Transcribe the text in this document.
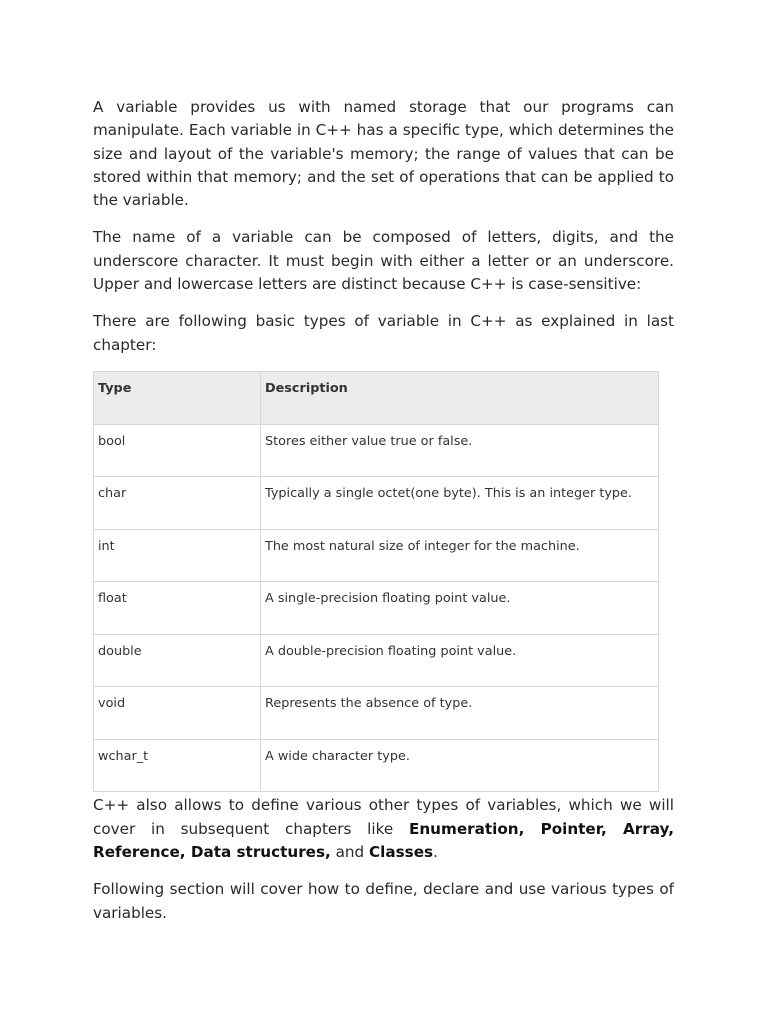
A variable provides us with named storage that our programs can manipulate. Each variable in C++ has a specific type, which determines the size and layout of the variable's memory; the range of values that can be stored within that memory; and the set of operations that can be applied to the variable.

The name of a variable can be composed of letters, digits, and the underscore character. It must begin with either a letter or an underscore. Upper and lowercase letters are distinct because C++ is case-sensitive:

There are following basic types of variable in C++ as explained in last chapter:

Type	Description
bool	Stores either value true or false.
char	Typically a single octet(one byte). This is an integer type.
int	The most natural size of integer for the machine.
float	A single-precision floating point value.
double	A double-precision floating point value.
void	Represents the absence of type.
wchar_t	A wide character type.

C++ also allows to define various other types of variables, which we will cover in subsequent chapters like Enumeration, Pointer, Array, Reference, Data structures, and Classes.

Following section will cover how to define, declare and use various types of variables.
